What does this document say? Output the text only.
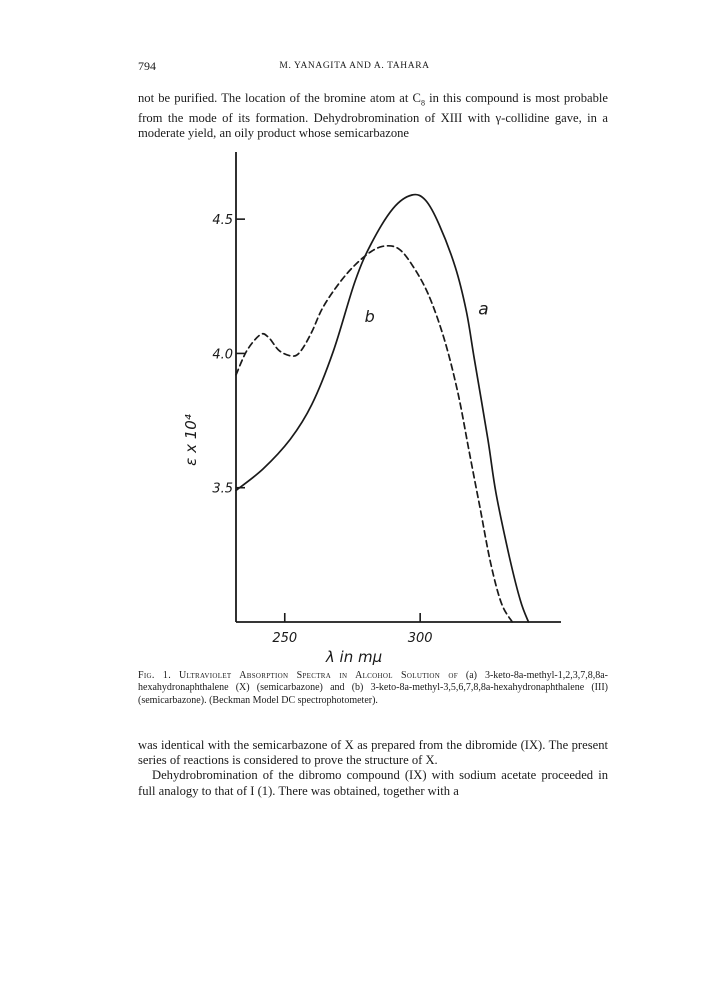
794	M. YANAGITA AND A. TAHARA

not be purified. The location of the bromine atom at $C_8$ in this compound is most probable from the mode of its formation. Dehydrobromination of XIII with γ-collidine gave, in a moderate yield, an oily product whose semicarbazone

3.5
4.0
4.5
250	300
a
b
λ in mμ
ε x 10⁴

Fig. 1. Ultraviolet Absorption Spectra in Alcohol Solution of (a) 3-keto-8a-methyl-1,2,3,7,8,8a-hexahydronaphthalene (X) (semicarbazone) and (b) 3-keto-8a-methyl-3,5,6,7,8,8a-hexahydronaphthalene (III) (semicarbazone). (Beckman Model DC spectrophotometer).

was identical with the semicarbazone of X as prepared from the dibromide (IX). The present series of reactions is considered to prove the structure of X.
Dehydrobromination of the dibromo compound (IX) with sodium acetate proceeded in full analogy to that of I (1). There was obtained, together with a
